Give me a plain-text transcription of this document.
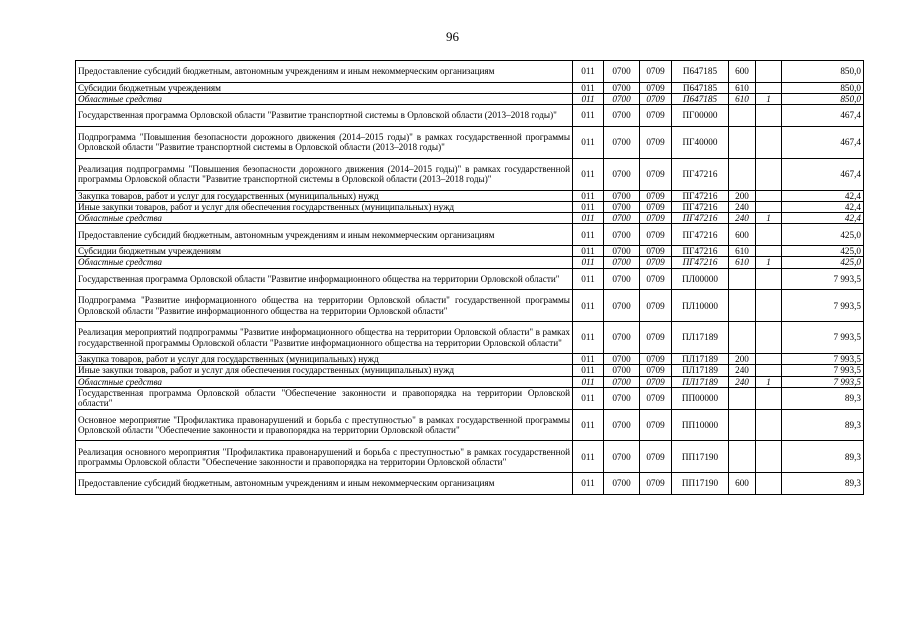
96
Предоставление субсидий бюджетным, автономным учреждениям и иным некоммерческим организациям	011	0700	0709	П647185	600		850,0
Субсидии бюджетным учреждениям	011	0700	0709	П647185	610		850,0
Областные средства	011	0700	0709	П647185	610	1	850,0
Государственная программа Орловской области "Развитие транспортной системы в Орловской области (2013–2018 годы)"	011	0700	0709	ПГ00000			467,4
Подпрограмма "Повышения безопасности дорожного движения (2014–2015 годы)" в рамках государственной программы Орловской области "Развитие транспортной системы в Орловской области (2013–2018 годы)"	011	0700	0709	ПГ40000			467,4
Реализация подпрограммы "Повышения безопасности дорожного движения (2014–2015 годы)" в рамках государственной программы Орловской области "Развитие транспортной системы в Орловской области (2013–2018 годы)"	011	0700	0709	ПГ47216			467,4
Закупка товаров, работ и услуг для государственных (муниципальных) нужд	011	0700	0709	ПГ47216	200		42,4
Иные закупки товаров, работ и услуг для обеспечения государственных (муниципальных) нужд	011	0700	0709	ПГ47216	240		42,4
Областные средства	011	0700	0709	ПГ47216	240	1	42,4
Предоставление субсидий бюджетным, автономным учреждениям и иным некоммерческим организациям	011	0700	0709	ПГ47216	600		425,0
Субсидии бюджетным учреждениям	011	0700	0709	ПГ47216	610		425,0
Областные средства	011	0700	0709	ПГ47216	610	1	425,0
Государственная программа Орловской области "Развитие информационного общества на территории Орловской области"	011	0700	0709	ПЛ00000			7 993,5
Подпрограмма "Развитие информационного общества на территории Орловской области" государственной программы Орловской области "Развитие информационного общества на территории Орловской области"	011	0700	0709	ПЛ10000			7 993,5
Реализация мероприятий подпрограммы "Развитие информационного общества на территории Орловской области" в рамках государственной программы Орловской области "Развитие информационного общества на территории Орловской области"	011	0700	0709	ПЛ17189			7 993,5
Закупка товаров, работ и услуг для государственных (муниципальных) нужд	011	0700	0709	ПЛ17189	200		7 993,5
Иные закупки товаров, работ и услуг для обеспечения государственных (муниципальных) нужд	011	0700	0709	ПЛ17189	240		7 993,5
Областные средства	011	0700	0709	ПЛ17189	240	1	7 993,5
Государственная программа Орловской области "Обеспечение законности и правопорядка на территории Орловской области"	011	0700	0709	ПП00000			89,3
Основное мероприятие "Профилактика правонарушений и борьба с преступностью" в рамках государственной программы Орловской области "Обеспечение законности и правопорядка на территории Орловской области"	011	0700	0709	ПП10000			89,3
Реализация основного мероприятия "Профилактика правонарушений и борьба с преступностью" в рамках государственной программы Орловской области "Обеспечение законности и правопорядка на территории Орловской области"	011	0700	0709	ПП17190			89,3
Предоставление субсидий бюджетным, автономным учреждениям и иным некоммерческим организациям	011	0700	0709	ПП17190	600		89,3
